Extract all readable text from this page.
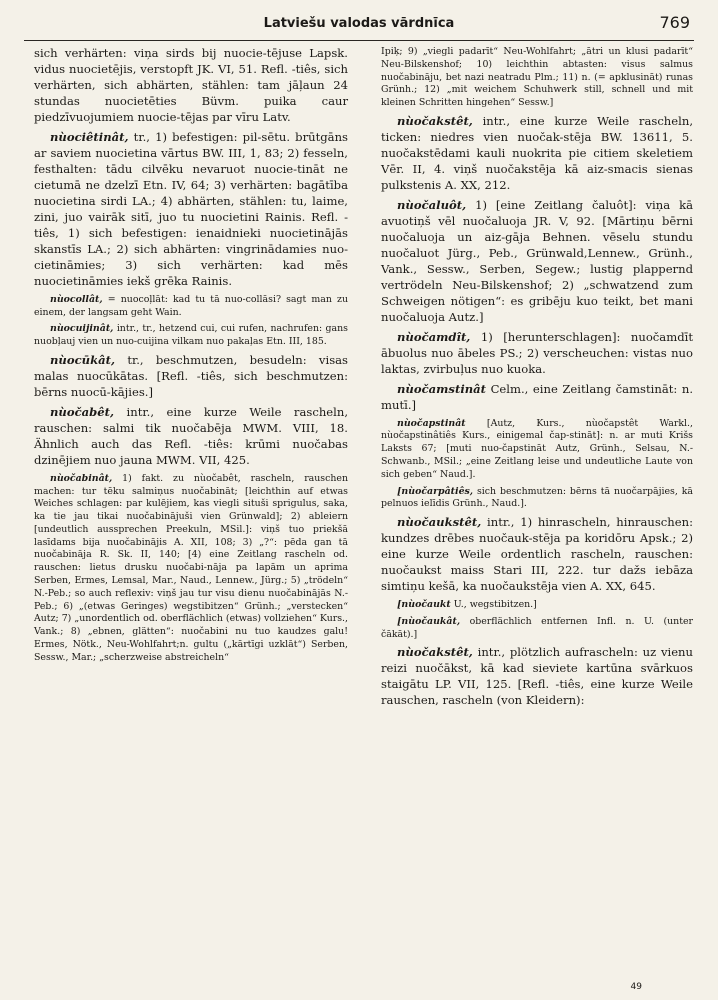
Latviešu valodas vārdnīca	769

sich verhärten: viņa sirds bij nuocie-tējuse Lapsk. vidus nuocietējis, verstopft JK. VI, 51. Refl. -tiês, sich verhärten, sich abhärten, stählen: tam jāļaun 24 stundas nuocietēties Büvm. puika caur piedzīvuojumiem nuocie-tējas par vīru Latv.

nùociêtinât, tr., 1) befestigen: pil-sētu. brūtgāns ar saviem nuocietina vārtus BW. III, 1, 83; 2) fesseln, festhalten: tādu cilvēku nevaruot nuocie-tināt ne cietumā ne dzelzī Etn. IV, 64; 3) verhärten: bagātība nuocietina sirdi LA.; 4) abhärten, stählen: tu, laime, zini, juo vairāk sitī, juo tu nuocietini Rainis. Refl. -tiês, 1) sich befestigen: ienaidnieki nuocietinājās skanstīs LA.; 2) sich abhärten: vingrinādamies nuo-cietināmies; 3) sich verhärten: kad mēs nuocietināmies iekš grēka Rainis.

nùocollât, = nuocoļlāt: kad tu tā nuo-collāsi? sagt man zu einem, der langsam geht Wain.

nùocuijinât, intr., tr., hetzend cui, cui rufen, nachrufen: gans nuobļauj vien un nuo-cuijina vilkam nuo pakaļas Etn. III, 185.

nùocūkât, tr., beschmutzen, besudeln: visas malas nuocūkātas. [Refl. -tiês, sich beschmutzen: bērns nuocū-kājies.]

nùočabêt, intr., eine kurze Weile rascheln, rauschen: salmi tik nuočabēja MWM. VIII, 18. Ähnlich auch das Refl. -tiês: krūmi nuočabas dzinējiem nuo jauna MWM. VII, 425.

nùočabinât, 1) fakt. zu nùočabêt, rascheln, rauschen machen: tur tēku salmiņus nuočabināt; [leichthin auf etwas Weiches schlagen: par kulējiem, kas viegli situši sprigulus, saka, ka tie jau tikai nuočabinājuši vien Grünwald]; 2) ableiern [undeutlich aussprechen Preekuln, MSil.]: viņš tuo priekšā lasīdams bija nuočabinājis A. XII, 108; 3) „?“: pēda gan tā nuočabināja R. Sk. II, 140; [4) eine Zeitlang rascheln od. rauschen: lietus drusku nuočabi-nāja pa lapām un aprima Serben, Ermes, Lemsal, Mar., Naud., Lennew., Jürg.; 5) „trödeln“ N.-Peb.; so auch reflexiv: viņš jau tur visu dienu nuočabinājās N.-Peb.; 6) „(etwas Geringes) wegstibitzen“ Grünh.; „verstecken“ Autz; 7) „unordentlich od. oberflächlich (etwas) vollziehen“ Kurs., Vank.; 8) „ebnen, glätten“: nuočabini nu tuo kaudzes galu! Ermes, Nötk., Neu-Wohlfahrt;n. gultu („kārtīgi uzklāt“) Serben, Sessw., Mar.; „scherzweise abstreicheln“

Ipiķ; 9) „viegli padarīt“ Neu-Wohlfahrt; „ātri un klusi padarīt“ Neu-Bilskenshof; 10) leichthin abtasten: visus salmus nuočabināju, bet nazi neatradu Plm.; 11) n. (= apklusināt) runas Grünh.; 12) „mit weichem Schuhwerk still, schnell und mit kleinen Schritten hingehen“ Sessw.]

nùočakstêt, intr., eine kurze Weile rascheln, ticken: niedres vien nuočak-stēja BW. 13611, 5. nuočakstēdami kauli nuokrita pie citiem skeletiem Vēr. II, 4. viņš nuočakstēja kā aiz-smacis sienas pulkstenis A. XX, 212.

nùočaluôt, 1) [eine Zeitlang čaluôt]: viņa kā avuotiņš vēl nuočaluoja JR. V, 92. [Mārtiņu bērni nuočaluoja un aiz-gāja Behnen. vēselu stundu nuočaluot Jürg., Peb., Grünwald,Lennew., Grünh., Vank., Sessw., Serben, Segew.; lustig plappernd vertrödeln Neu-Bilskenshof; 2) „schwatzend zum Schweigen nötigen“: es gribēju kuo teikt, bet mani nuočaluoja Autz.]

nùočamdît, 1) [herunterschlagen]: nuočamdīt ābuolus nuo ābeles PS.; 2) verscheuchen: vistas nuo laktas, zvirbuļus nuo kuoka.

nùočamstinât Celm., eine Zeitlang čamstināt: n. mutī.]

nùočapstinât [Autz, Kurs., nùočapstêt Warkl., nùočapstinâtiês Kurs., einigemal čap-stināt]: n. ar muti Krišs Laksts 67; [muti nuo-čapstināt Autz, Grünh., Selsau, N.-Schwanb., MSil.; „eine Zeitlang leise und undeutliche Laute von sich geben“ Naud.].

[nùočarpâtiês, sich beschmutzen: bērns tā nuočarpājies, kā pelnuos ielīdis Grünh., Naud.].

nùočaukstêt, intr., 1) hinrascheln, hinrauschen: kundzes drēbes nuočauk-stēja pa koridōru Apsk.; 2) eine kurze Weile ordentlich rascheln, rauschen: nuočaukst maiss Stari III, 222. tur dažs iebāza simtiņu kešā, ka nuočaukstēja vien A. XX, 645.

[nùočaukt U., wegstibitzen.]

[nùočaukât, oberflächlich entfernen Infl. n. U. (unter čākāt).]

nùočakstêt, intr., plötzlich aufrascheln: uz vienu reizi nuočākst, kā kad sieviete kartūna svārkuos staigātu LP. VII, 125. [Refl. -tiês, eine kurze Weile rauschen, rascheln (von Kleidern):

49
